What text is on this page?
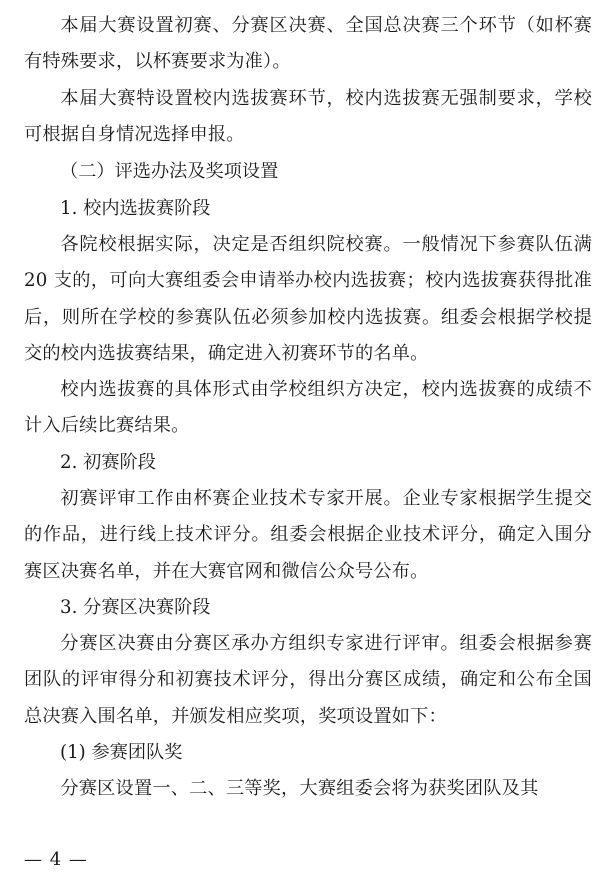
本届大赛设置初赛、分赛区决赛、全国总决赛三个环节（如杯赛有特殊要求，以杯赛要求为准）。

本届大赛特设置校内选拔赛环节，校内选拔赛无强制要求，学校可根据自身情况选择申报。

（二）评选办法及奖项设置

1. 校内选拔赛阶段

各院校根据实际，决定是否组织院校赛。一般情况下参赛队伍满 20 支的，可向大赛组委会申请举办校内选拔赛；校内选拔赛获得批准后，则所在学校的参赛队伍必须参加校内选拔赛。组委会根据学校提交的校内选拔赛结果，确定进入初赛环节的名单。

校内选拔赛的具体形式由学校组织方决定，校内选拔赛的成绩不计入后续比赛结果。

2. 初赛阶段

初赛评审工作由杯赛企业技术专家开展。企业专家根据学生提交的作品，进行线上技术评分。组委会根据企业技术评分，确定入围分赛区决赛名单，并在大赛官网和微信公众号公布。

3. 分赛区决赛阶段

分赛区决赛由分赛区承办方组织专家进行评审。组委会根据参赛团队的评审得分和初赛技术评分，得出分赛区成绩，确定和公布全国总决赛入围名单，并颁发相应奖项，奖项设置如下：

(1) 参赛团队奖

分赛区设置一、二、三等奖，大赛组委会将为获奖团队及其

— 4 —
